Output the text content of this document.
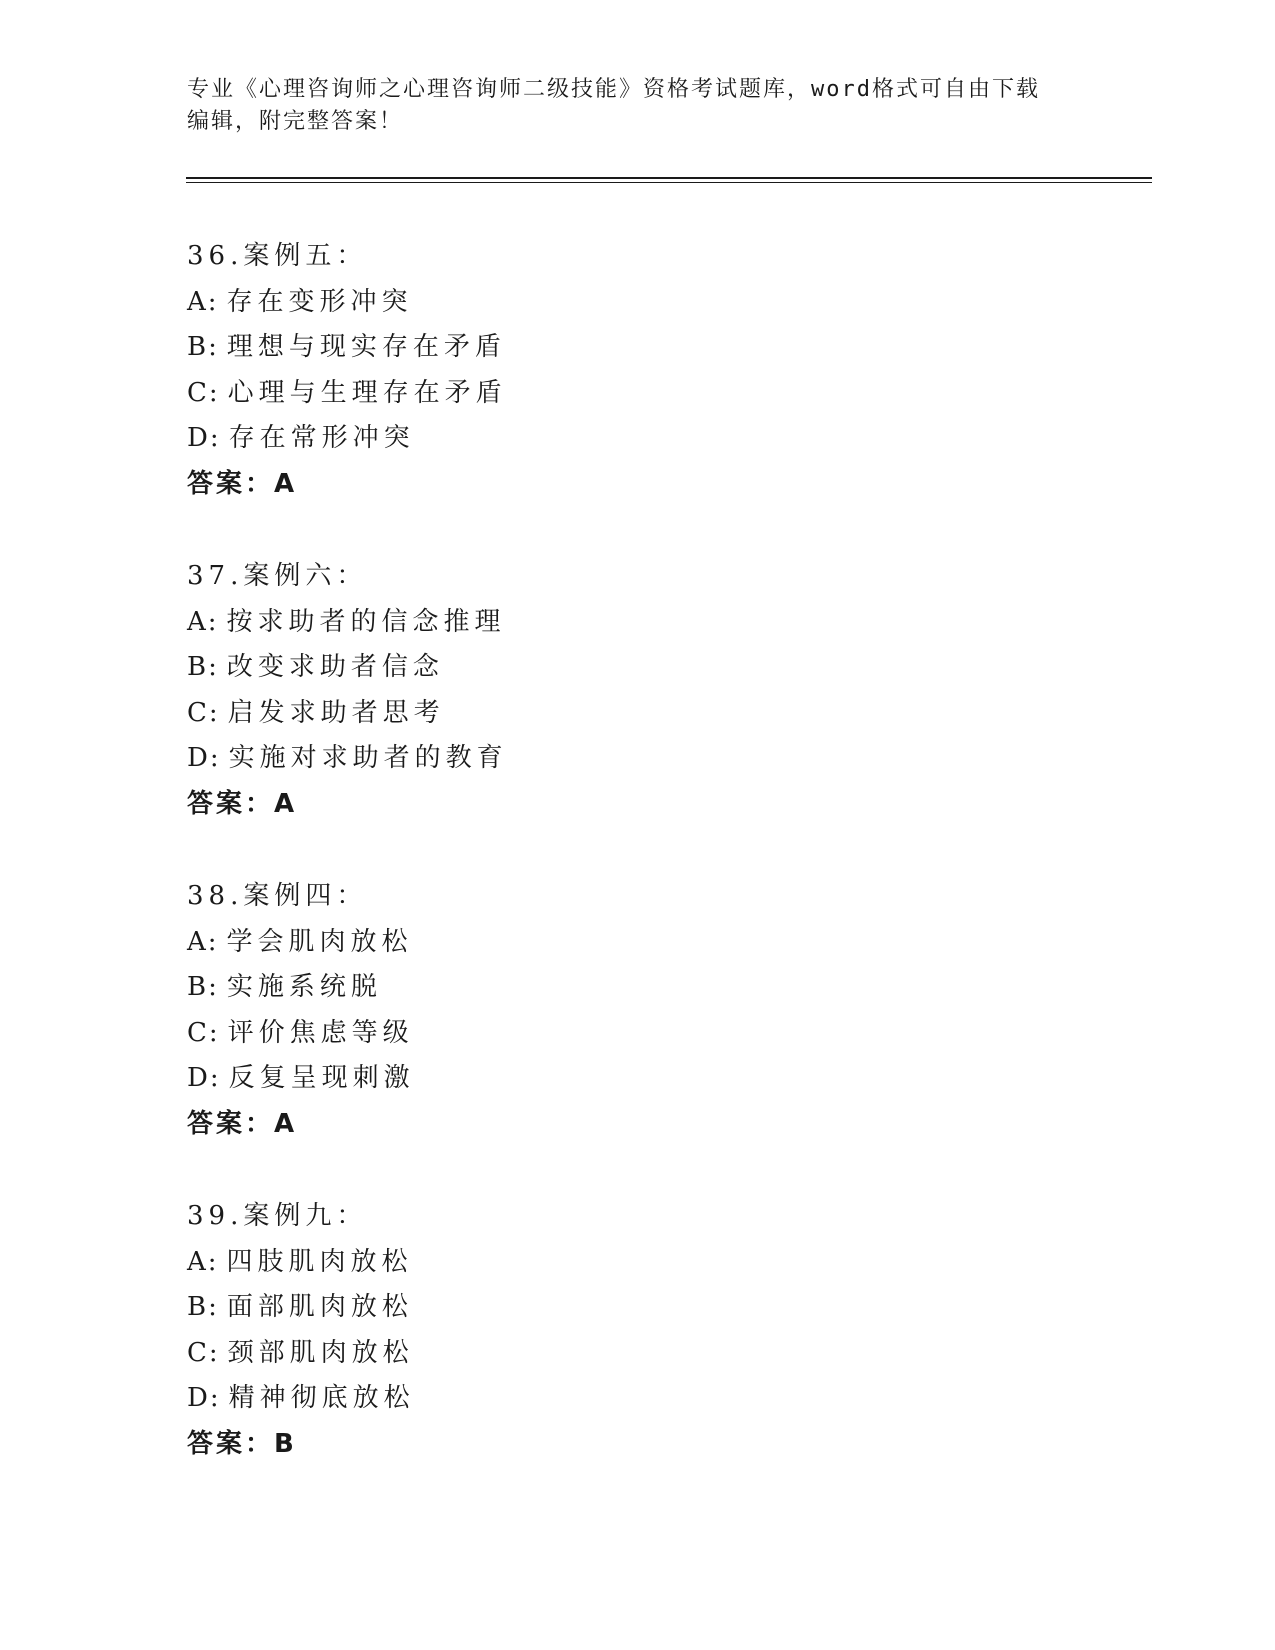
专业《心理咨询师之心理咨询师二级技能》资格考试题库，word格式可自由下载
编辑，附完整答案！
36.案例五：
A: 存在变形冲突
B: 理想与现实存在矛盾
C: 心理与生理存在矛盾
D: 存在常形冲突
答案：A
37.案例六：
A: 按求助者的信念推理
B: 改变求助者信念
C: 启发求助者思考
D: 实施对求助者的教育
答案：A
38.案例四：
A: 学会肌肉放松
B: 实施系统脱
C: 评价焦虑等级
D: 反复呈现刺激
答案：A
39.案例九：
A: 四肢肌肉放松
B: 面部肌肉放松
C: 颈部肌肉放松
D: 精神彻底放松
答案：B
